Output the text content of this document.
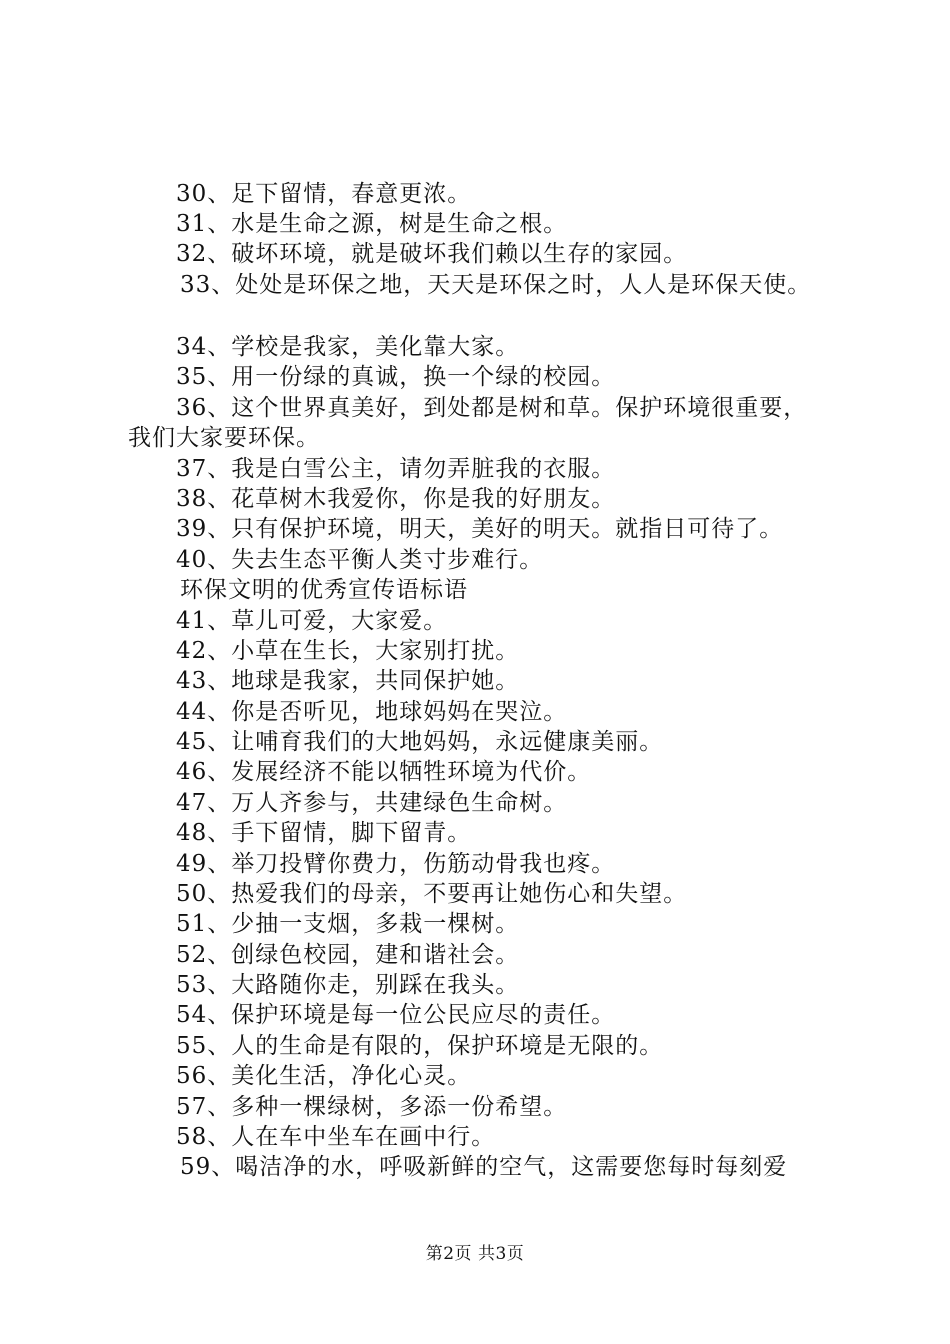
30、足下留情，春意更浓。
31、水是生命之源，树是生命之根。
32、破坏环境，就是破坏我们赖以生存的家园。
33、处处是环保之地，天天是环保之时，人人是环保天使。
34、学校是我家，美化靠大家。
35、用一份绿的真诚，换一个绿的校园。
36、这个世界真美好，到处都是树和草。保护环境很重要，
我们大家要环保。
37、我是白雪公主，请勿弄脏我的衣服。
38、花草树木我爱你，你是我的好朋友。
39、只有保护环境，明天，美好的明天。就指日可待了。
40、失去生态平衡人类寸步难行。
环保文明的优秀宣传语标语
41、草儿可爱，大家爱。
42、小草在生长，大家别打扰。
43、地球是我家，共同保护她。
44、你是否听见，地球妈妈在哭泣。
45、让哺育我们的大地妈妈，永远健康美丽。
46、发展经济不能以牺牲环境为代价。
47、万人齐参与，共建绿色生命树。
48、手下留情，脚下留青。
49、举刀投臂你费力，伤筋动骨我也疼。
50、热爱我们的母亲，不要再让她伤心和失望。
51、少抽一支烟，多栽一棵树。
52、创绿色校园，建和谐社会。
53、大路随你走，别踩在我头。
54、保护环境是每一位公民应尽的责任。
55、人的生命是有限的，保护环境是无限的。
56、美化生活，净化心灵。
57、多种一棵绿树，多添一份希望。
58、人在车中坐车在画中行。
59、喝洁净的水，呼吸新鲜的空气，这需要您每时每刻爱
第2页 共3页
